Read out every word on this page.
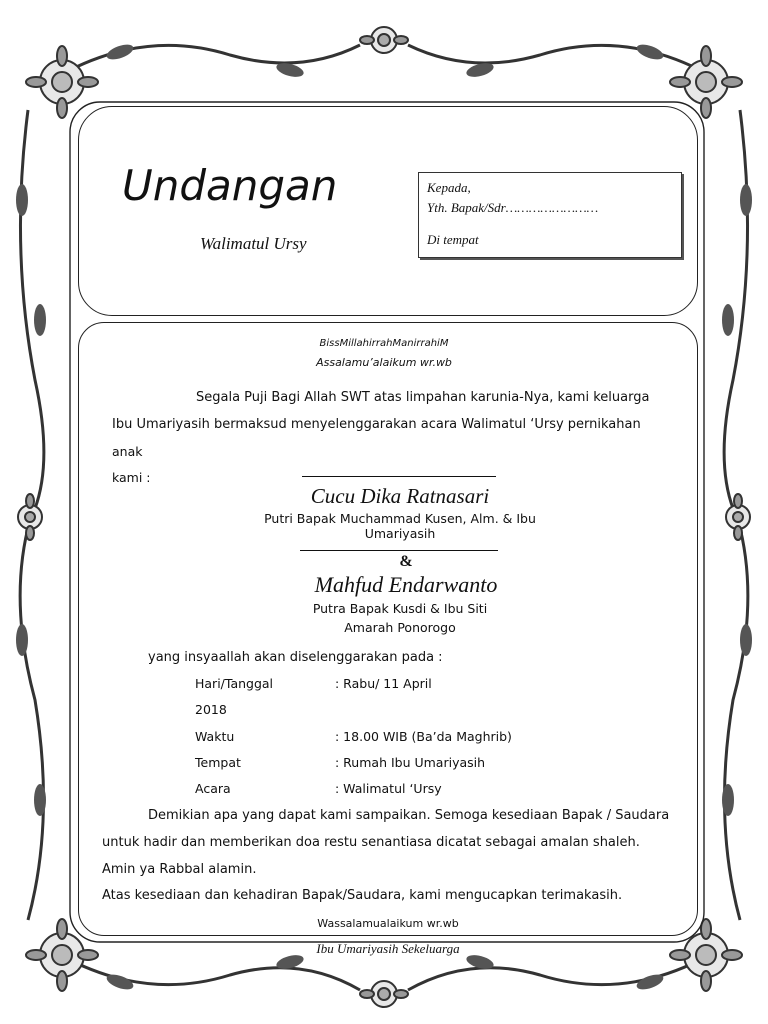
Undangan
Walimatul Ursy
Kepada,
Yth. Bapak/Sdr……………………
Di tempat
BissMillahirrahManirrahiM
Assalamu’alaikum wr.wb
Segala Puji Bagi Allah SWT atas limpahan karunia-Nya, kami keluarga
Ibu Umariyasih bermaksud menyelenggarakan acara Walimatul ‘Ursy pernikahan
anak
kami :
Cucu Dika Ratnasari
Putri Bapak Muchammad Kusen, Alm. & Ibu
Umariyasih
&
Mahfud Endarwanto
Putra Bapak Kusdi & Ibu Siti
Amarah Ponorogo
yang insyaallah akan diselenggarakan pada :
Hari/Tanggal	: Rabu/ 11 April
2018
Waktu	: 18.00 WIB (Ba’da Maghrib)
Tempat	: Rumah Ibu Umariyasih
Acara	: Walimatul ‘Ursy
Demikian apa yang dapat kami sampaikan. Semoga kesediaan Bapak / Saudara
untuk hadir dan memberikan doa restu senantiasa dicatat sebagai amalan shaleh.
Amin ya Rabbal alamin.
Atas kesediaan dan kehadiran Bapak/Saudara, kami mengucapkan terimakasih.
Wassalamualaikum wr.wb
Ibu Umariyasih Sekeluarga
